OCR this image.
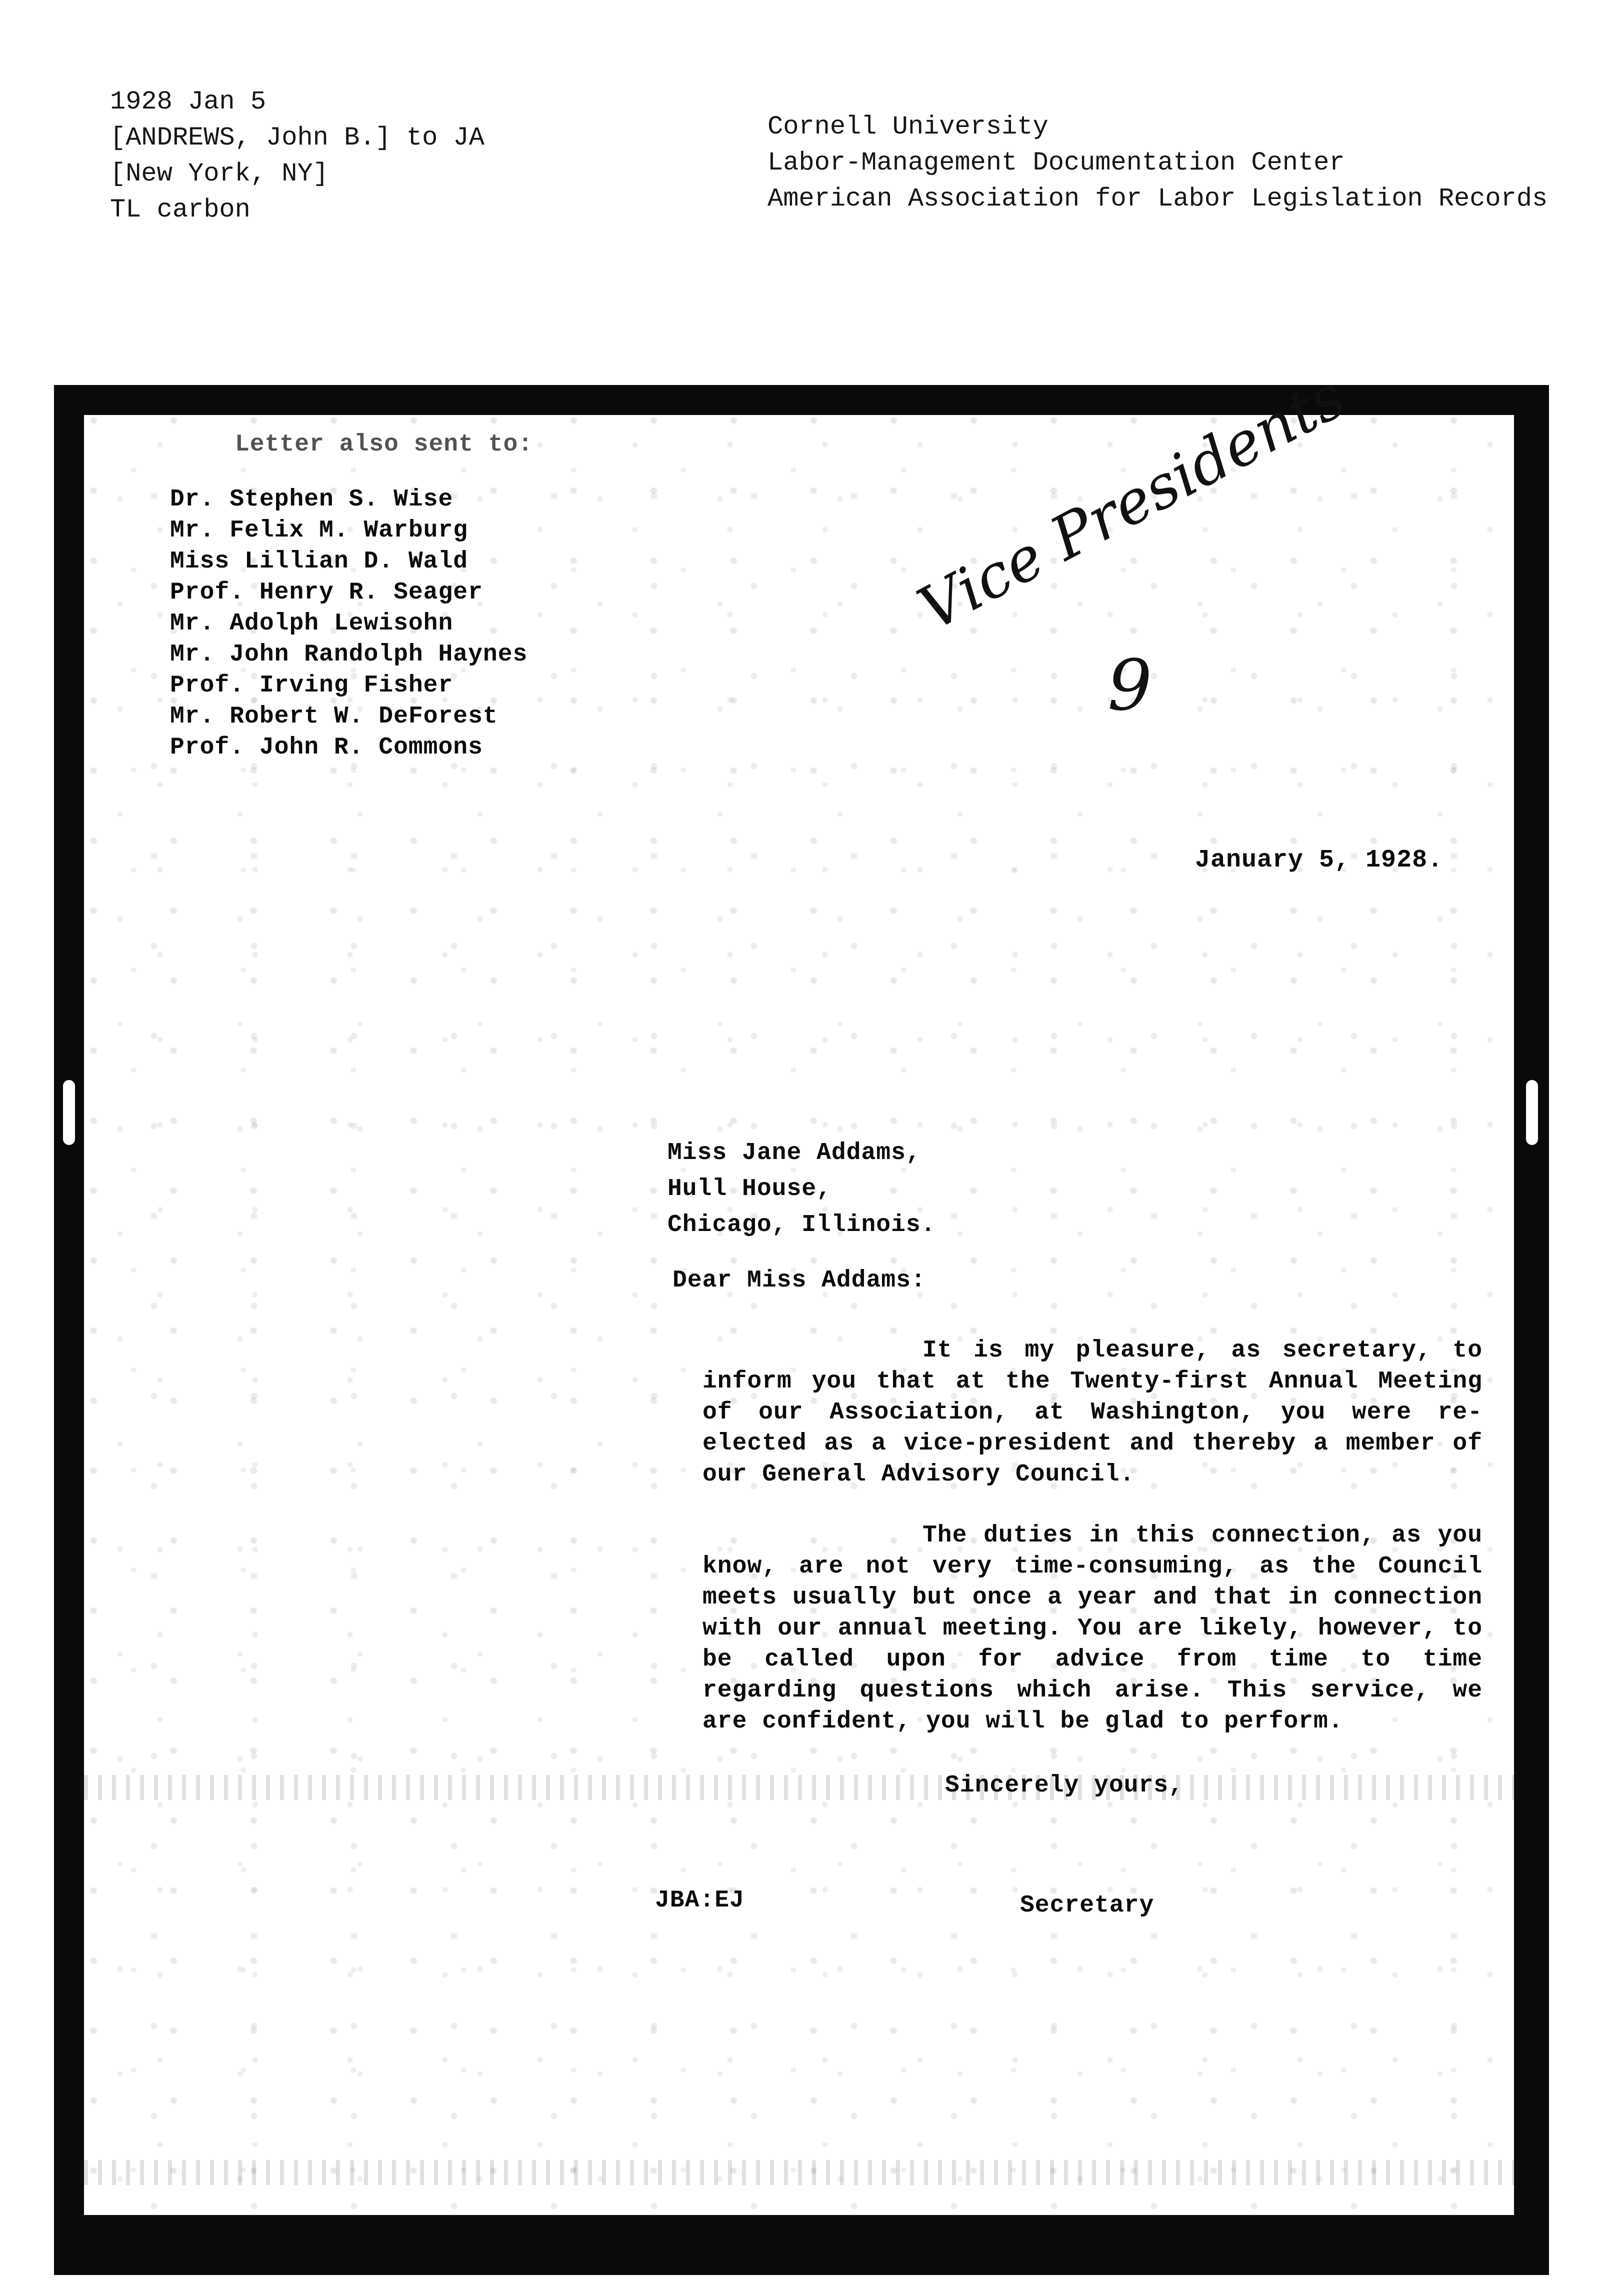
1928 Jan 5
[ANDREWS, John B.] to JA
[New York, NY]
TL carbon
Cornell University
Labor-Management Documentation Center
American Association for Labor Legislation Records
Letter also sent to:
Dr. Stephen S. Wise
Mr. Felix M. Warburg
Miss Lillian D. Wald
Prof. Henry R. Seager
Mr. Adolph Lewisohn
Mr. John Randolph Haynes
Prof. Irving Fisher
Mr. Robert W. DeForest
Prof. John R. Commons
Vice Presidents
9
January 5, 1928.
Miss Jane Addams,
Hull House,
Chicago, Illinois.
Dear Miss Addams:

It is my pleasure, as secretary, to inform you that at the Twenty-first Annual Meeting of our Association, at Washington, you were re-elected as a vice-president and thereby a member of our General Advisory Council.

The duties in this connection, as you know, are not very time-consuming, as the Council meets usually but once a year and that in connection with our annual meeting. You are likely, however, to be called upon for advice from time to time regarding questions which arise. This service, we are confident, you will be glad to perform.

Sincerely yours,
JBA:EJ	Secretary
